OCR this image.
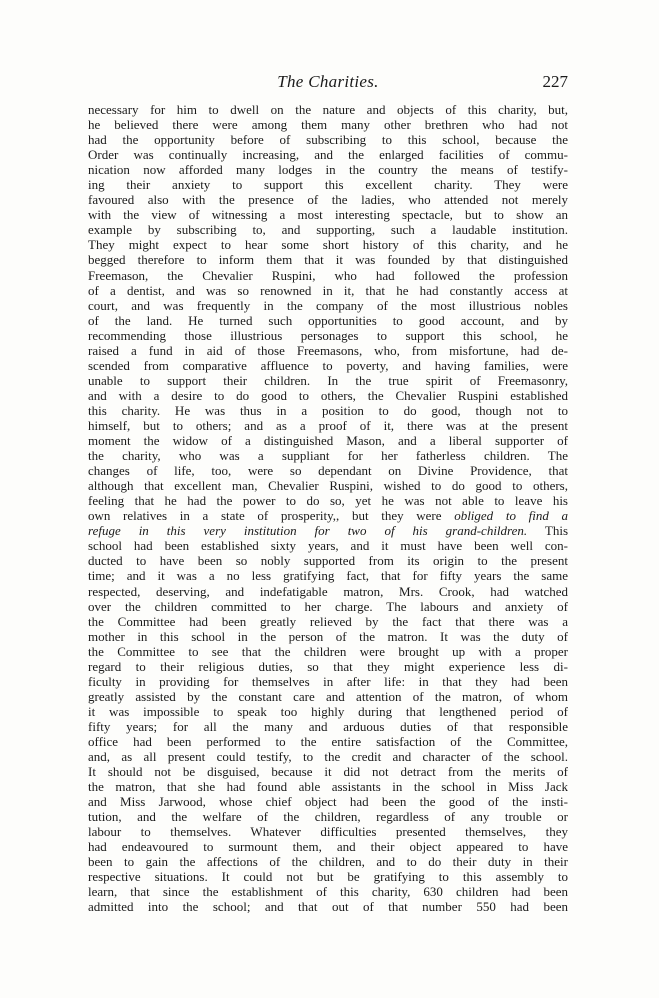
The Charities.	227
necessary for him to dwell on the nature and objects of this charity, but,
he believed there were among them many other brethren who had not
had the opportunity before of subscribing to this school, because the
Order was continually increasing, and the enlarged facilities of commu-
nication now afforded many lodges in the country the means of testify-
ing their anxiety to support this excellent charity. They were
favoured also with the presence of the ladies, who attended not merely
with the view of witnessing a most interesting spectacle, but to show an
example by subscribing to, and supporting, such a laudable institution.
They might expect to hear some short history of this charity, and he
begged therefore to inform them that it was founded by that distinguished
Freemason, the Chevalier Ruspini, who had followed the profession
of a dentist, and was so renowned in it, that he had constantly access at
court, and was frequently in the company of the most illustrious nobles
of the land. He turned such opportunities to good account, and by
recommending those illustrious personages to support this school, he
raised a fund in aid of those Freemasons, who, from misfortune, had de-
scended from comparative affluence to poverty, and having families, were
unable to support their children. In the true spirit of Freemasonry,
and with a desire to do good to others, the Chevalier Ruspini established
this charity. He was thus in a position to do good, though not to
himself, but to others; and as a proof of it, there was at the present
moment the widow of a distinguished Mason, and a liberal supporter of
the charity, who was a suppliant for her fatherless children. The
changes of life, too, were so dependant on Divine Providence, that
although that excellent man, Chevalier Ruspini, wished to do good to others,
feeling that he had the power to do so, yet he was not able to leave his
own relatives in a state of prosperity,, but they were obliged to find a
refuge in this very institution for two of his grand-children. This
school had been established sixty years, and it must have been well con-
ducted to have been so nobly supported from its origin to the present
time; and it was a no less gratifying fact, that for fifty years the same
respected, deserving, and indefatigable matron, Mrs. Crook, had watched
over the children committed to her charge. The labours and anxiety of
the Committee had been greatly relieved by the fact that there was a
mother in this school in the person of the matron. It was the duty of
the Committee to see that the children were brought up with a proper
regard to their religious duties, so that they might experience less di-
ficulty in providing for themselves in after life: in that they had been
greatly assisted by the constant care and attention of the matron, of whom
it was impossible to speak too highly during that lengthened period of
fifty years; for all the many and arduous duties of that responsible
office had been performed to the entire satisfaction of the Committee,
and, as all present could testify, to the credit and character of the school.
It should not be disguised, because it did not detract from the merits of
the matron, that she had found able assistants in the school in Miss Jack
and Miss Jarwood, whose chief object had been the good of the insti-
tution, and the welfare of the children, regardless of any trouble or
labour to themselves. Whatever difficulties presented themselves, they
had endeavoured to surmount them, and their object appeared to have
been to gain the affections of the children, and to do their duty in their
respective situations. It could not but be gratifying to this assembly to
learn, that since the establishment of this charity, 630 children had been
admitted into the school; and that out of that number 550 had been
